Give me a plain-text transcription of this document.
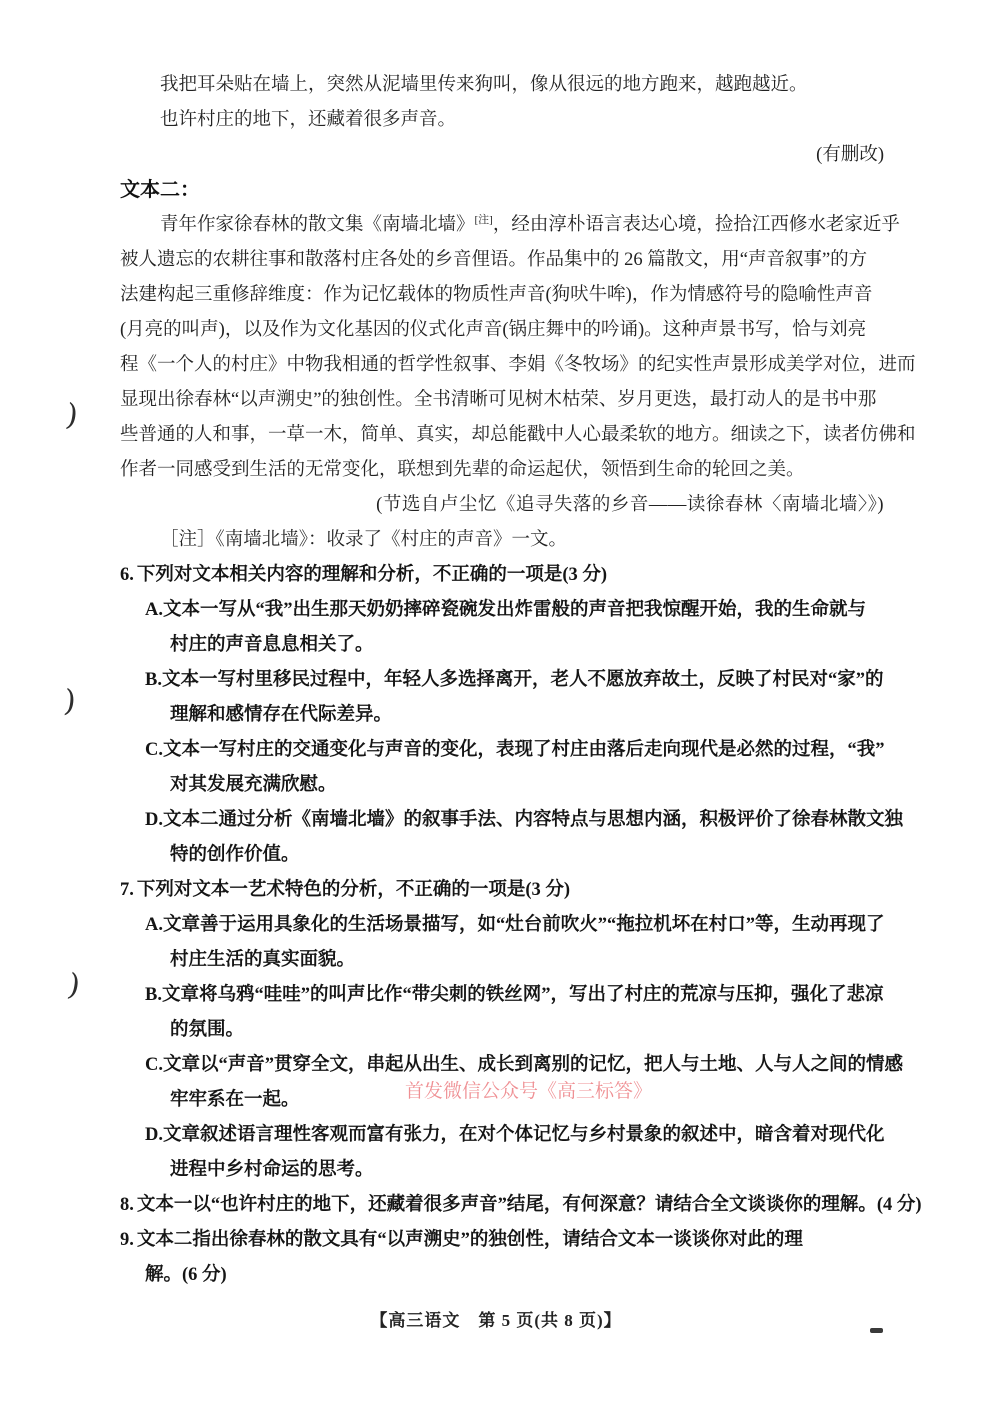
我把耳朵贴在墙上，突然从泥墙里传来狗叫，像从很远的地方跑来，越跑越近。
也许村庄的地下，还藏着很多声音。
(有删改)
文本二：
青年作家徐春林的散文集《南墙北墙》[注]，经由淳朴语言表达心境，捡拾江西修水老家近乎
被人遗忘的农耕往事和散落村庄各处的乡音俚语。作品集中的 26 篇散文，用“声音叙事”的方
法建构起三重修辞维度：作为记忆载体的物质性声音(狗吠牛哞)，作为情感符号的隐喻性声音
(月亮的叫声)，以及作为文化基因的仪式化声音(锅庄舞中的吟诵)。这种声景书写，恰与刘亮
程《一个人的村庄》中物我相通的哲学性叙事、李娟《冬牧场》的纪实性声景形成美学对位，进而
显现出徐春林“以声溯史”的独创性。全书清晰可见树木枯荣、岁月更迭，最打动人的是书中那
些普通的人和事，一草一木，简单、真实，却总能戳中人心最柔软的地方。细读之下，读者仿佛和
作者一同感受到生活的无常变化，联想到先辈的命运起伏，领悟到生命的轮回之美。
(节选自卢尘忆《追寻失落的乡音——读徐春林〈南墙北墙〉》)
［注］《南墙北墙》：收录了《村庄的声音》一文。
6. 下列对文本相关内容的理解和分析，不正确的一项是(3 分)
A.文本一写从“我”出生那天奶奶摔碎瓷碗发出炸雷般的声音把我惊醒开始，我的生命就与
村庄的声音息息相关了。
B.文本一写村里移民过程中，年轻人多选择离开，老人不愿放弃故土，反映了村民对“家”的
理解和感情存在代际差异。
C.文本一写村庄的交通变化与声音的变化，表现了村庄由落后走向现代是必然的过程，“我”
对其发展充满欣慰。
D.文本二通过分析《南墙北墙》的叙事手法、内容特点与思想内涵，积极评价了徐春林散文独
特的创作价值。
7. 下列对文本一艺术特色的分析，不正确的一项是(3 分)
A.文章善于运用具象化的生活场景描写，如“灶台前吹火”“拖拉机坏在村口”等，生动再现了
村庄生活的真实面貌。
B.文章将乌鸦“哇哇”的叫声比作“带尖刺的铁丝网”，写出了村庄的荒凉与压抑，强化了悲凉
的氛围。
C.文章以“声音”贯穿全文，串起从出生、成长到离别的记忆，把人与土地、人与人之间的情感
牢牢系在一起。
D.文章叙述语言理性客观而富有张力，在对个体记忆与乡村景象的叙述中，暗含着对现代化
进程中乡村命运的思考。
8. 文本一以“也许村庄的地下，还藏着很多声音”结尾，有何深意？请结合全文谈谈你的理解。(4 分)
9. 文本二指出徐春林的散文具有“以声溯史”的独创性，请结合文本一谈谈你对此的理
解。(6 分)
首发微信公众号《高三标答》
)
)
)
【高三语文　第 5 页(共 8 页)】
